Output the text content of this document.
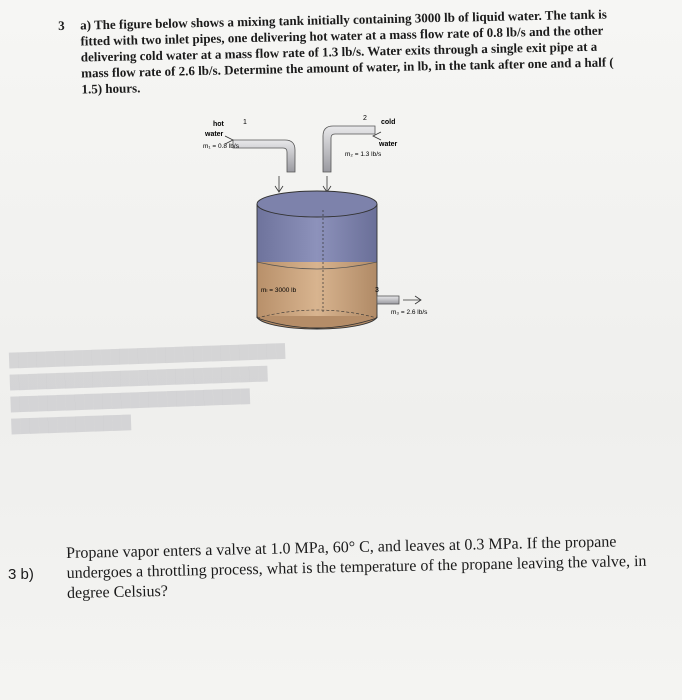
3 a) The figure below shows a mixing tank initially containing 3000 lb of liquid water. The tank is fitted with two inlet pipes, one delivering hot water at a mass flow rate of 0.8 lb/s and the other delivering cold water at a mass flow rate of 1.3 lb/s. Water exits through a single exit pipe at a mass flow rate of 2.6 lb/s. Determine the amount of water, in lb, in the tank after one and a half ( 1.5) hours.
hot
water
m₁ = 0.8 lb/s
1
2
cold
water
m₂ = 1.3 lb/s
mₗ = 3000 lb	3
m₃ = 2.6 lb/s
██████████████████████████████
████████████████████████████
██████████████████████████
█████████████
3 b)
Propane vapor enters a valve at 1.0 MPa, 60° C, and leaves at 0.3 MPa. If the propane undergoes a throttling process, what is the temperature of the propane leaving the valve, in degree Celsius?
